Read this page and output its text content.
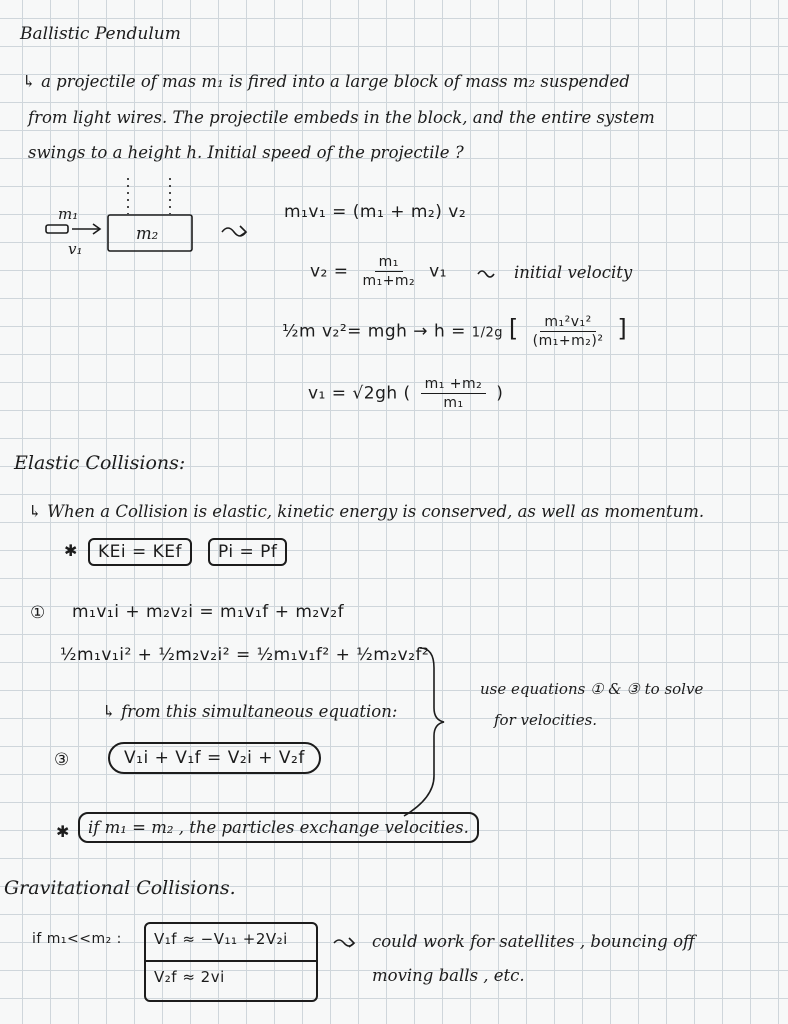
Ballistic Pendulum
↳ a projectile of mas m₁ is fired into a large block of mass m₂ suspended
from light wires. The projectile embeds in the block, and the entire system
swings to a height h. Initial speed of the projectile ?
m₁
v₁
m₂
m₁v₁ = (m₁ + m₂) v₂
$v_2 = \frac{\text{m₁}}{\text{m₁+m₂}} v_1$	initial velocity
½m v₂²= mgh → h = 1/2g [ $\frac{\text{m₁²v₁²}}{\text{(m₁+m₂)²}}$ ]
v₁ = √2gh ( $\frac{\text{m₁ +m₂}}{\text{m₁}}$ )
Elastic Collisions:
↳ When a Collision is elastic, kinetic energy is conserved, as well as momentum.
✱	KEi = KEf	Pi = Pf
① m₁v₁i + m₂v₂i = m₁v₁f + m₂v₂f
½m₁v₁i² + ½m₂v₂i² = ½m₁v₁f² + ½m₂v₂f²
↳ from this simultaneous equation:
③	V₁i + V₁f = V₂i + V₂f
use equations ① & ③ to solve
for velocities.
✱	if m₁ = m₂ , the particles exchange velocities.
Gravitational Collisions.
if m₁<<m₂ : V₁f ≈ −V₁₁ +2V₂i
V₂f ≈ 2vi
could work for satellites , bouncing off
moving balls , etc.
